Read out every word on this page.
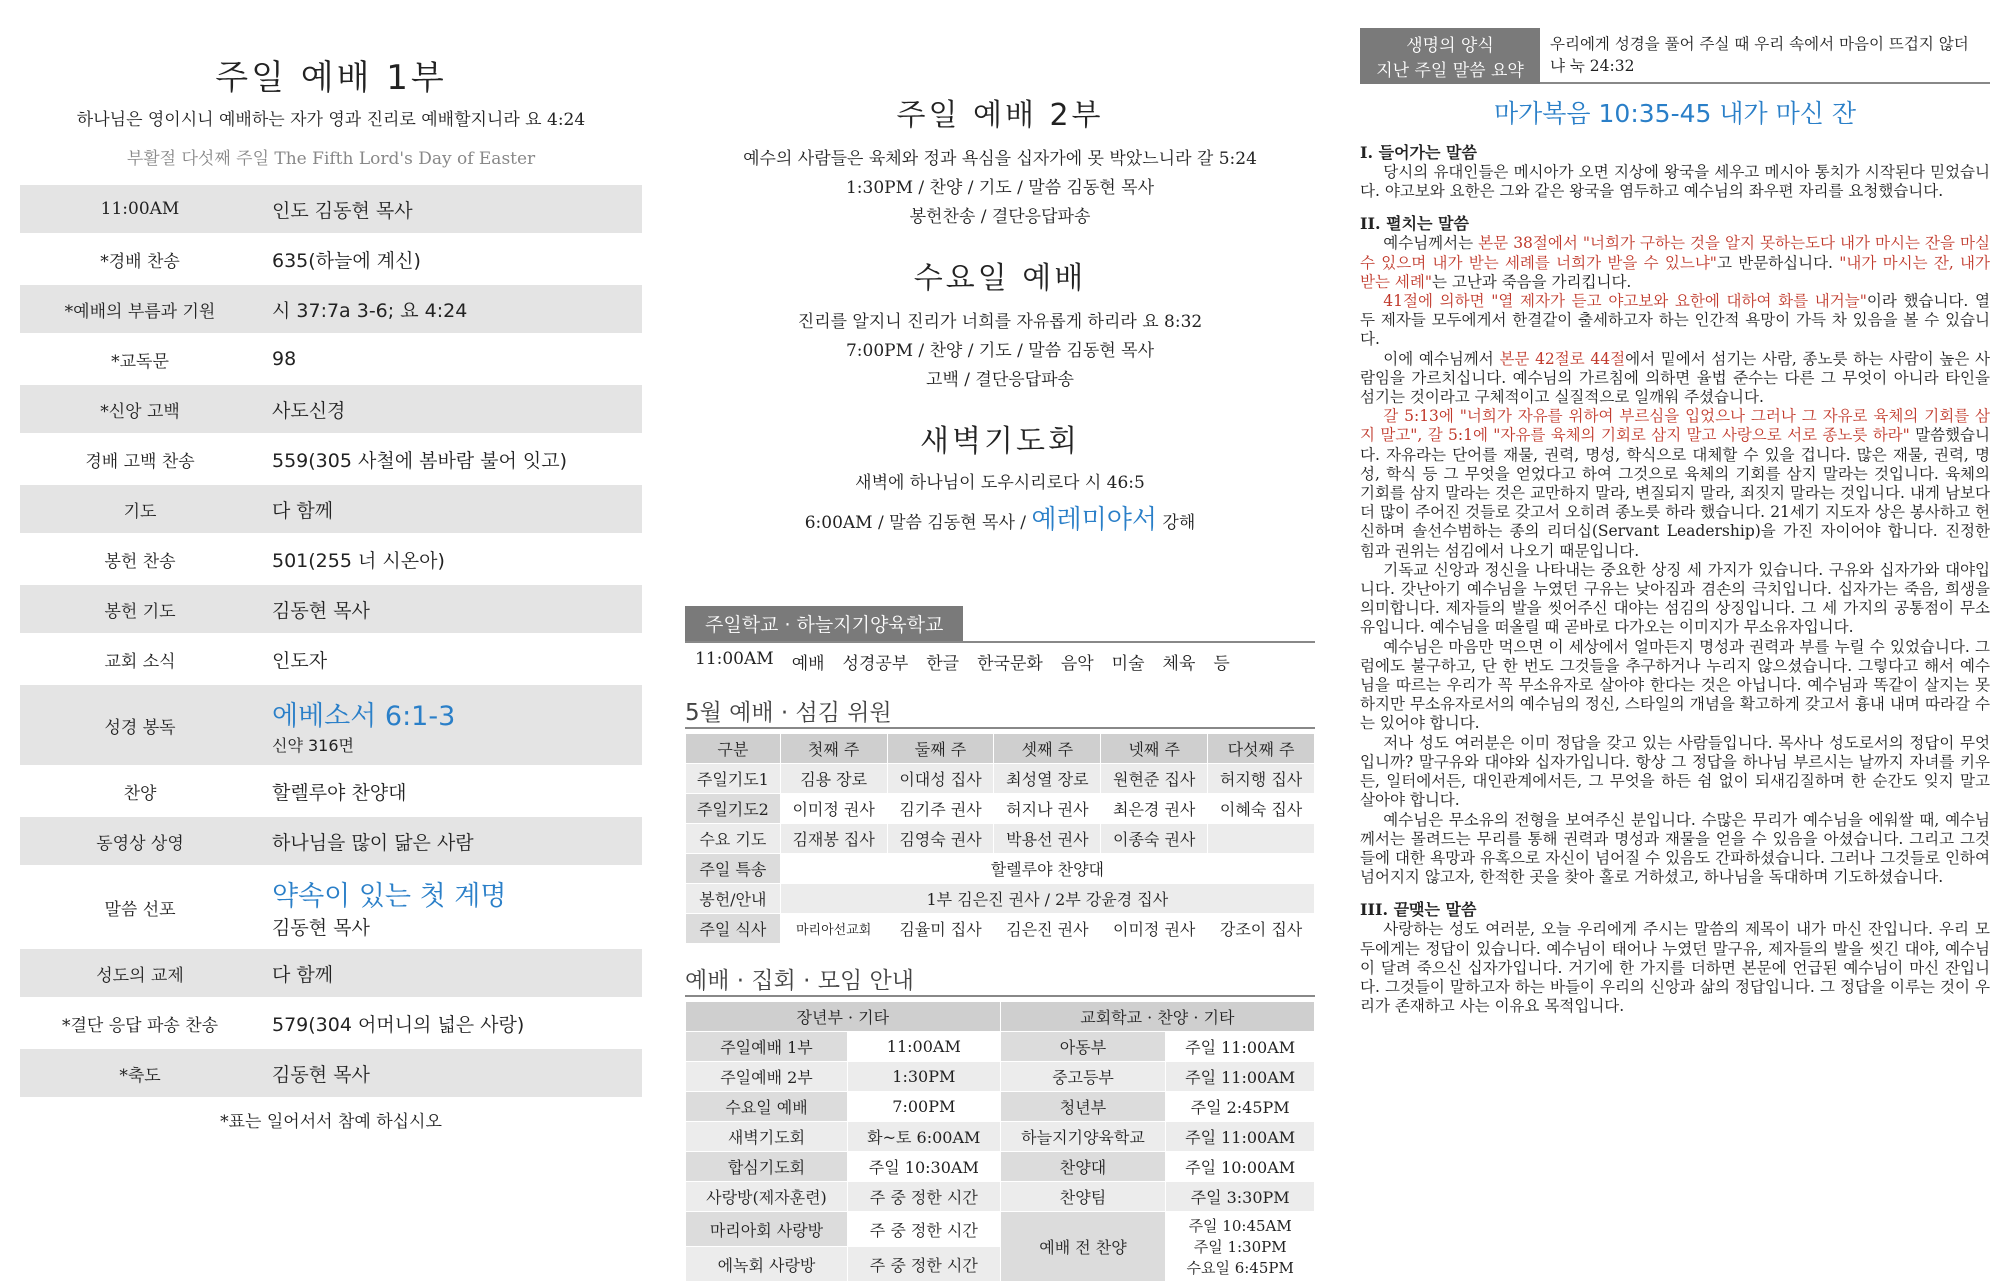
주일 예배 1부
하나님은 영이시니 예배하는 자가 영과 진리로 예배할지니라 요 4:24
부활절 다섯째 주일 The Fifth Lord's Day of Easter
11:00AM	인도 김동현 목사
*경배 찬송	635(하늘에 계신)
*예배의 부름과 기원	시 37:7a 3-6; 요 4:24
*교독문	98
*신앙 고백	사도신경
경배 고백 찬송	559(305 사철에 봄바람 불어 잇고)
기도	다 함께
봉헌 찬송	501(255 너 시온아)
봉헌 기도	김동현 목사
교회 소식	인도자
성경 봉독	에베소서 6:1-3
신약 316면
찬양	할렐루야 찬양대
동영상 상영	하나님을 많이 닮은 사람
말씀 선포	약속이 있는 첫 계명
김동현 목사
성도의 교제	다 함께
*결단 응답 파송 찬송	579(304 어머니의 넓은 사랑)
*축도	김동현 목사
*표는 일어서서 참예 하십시오
주일 예배 2부
예수의 사람들은 육체와 정과 욕심을 십자가에 못 박았느니라 갈 5:24
1:30PM / 찬양 / 기도 / 말씀 김동현 목사
봉헌찬송 / 결단응답파송
수요일 예배
진리를 알지니 진리가 너희를 자유롭게 하리라 요 8:32
7:00PM / 찬양 / 기도 / 말씀 김동현 목사
고백 / 결단응답파송
새벽기도회
새벽에 하나님이 도우시리로다 시 46:5
6:00AM / 말씀 김동현 목사 / 예레미야서 강해
주일학교 · 하늘지기양육학교
11:00AM 예배 성경공부 한글 한국문화 음악 미술 체육 등
5월 예배 · 섬김 위원
구분	첫째 주	둘째 주	셋째 주	넷째 주	다섯째 주
주일기도1	김용 장로	이대성 집사	최성열 장로	원현준 집사	허지행 집사
주일기도2	이미정 권사	김기주 권사	허지나 권사	최은경 권사	이혜숙 집사
수요 기도	김재봉 집사	김영숙 권사	박용선 권사	이종숙 권사	
주일 특송	할렐루야 찬양대				
봉헌/안내	1부 김은진 권사 / 2부 강윤경 집사				
주일 식사	마리아선교회	김율미 집사	김은진 권사	이미정 권사	강조이 집사
예배 · 집회 · 모임 안내
장년부 · 기타		교회학교 · 찬양 · 기타	
주일예배 1부	11:00AM	아동부	주일 11:00AM
주일예배 2부	1:30PM	중고등부	주일 11:00AM
수요일 예배	7:00PM	청년부	주일 2:45PM
새벽기도회	화~토 6:00AM	하늘지기양육학교	주일 11:00AM
합심기도회	주일 10:30AM	찬양대	주일 10:00AM
사랑방(제자훈련)	주 중 정한 시간	찬양팀	주일 3:30PM
마리아회 사랑방	주 중 정한 시간	예배 전 찬양	주일 10:45AM
주일 1:30PM
수요일 6:45PM
에녹회 사랑방	주 중 정한 시간		
생명의 양식
지난 주일 말씀 요약
우리에게 성경을 풀어 주실 때 우리 속에서 마음이 뜨겁지 않더냐 눅 24:32
마가복음 10:35-45 내가 마신 잔
I. 들어가는 말씀
당시의 유대인들은 메시아가 오면 지상에 왕국을 세우고 메시아 통치가 시작된다 믿었습니다. 야고보와 요한은 그와 같은 왕국을 염두하고 예수님의 좌우편 자리를 요청했습니다.
II. 펼치는 말씀
예수님께서는 본문 38절에서 "너희가 구하는 것을 알지 못하는도다 내가 마시는 잔을 마실 수 있으며 내가 받는 세례를 너희가 받을 수 있느냐"고 반문하십니다. "내가 마시는 잔, 내가 받는 세례"는 고난과 죽음을 가리킵니다.
41절에 의하면 "열 제자가 듣고 야고보와 요한에 대하여 화를 내거늘"이라 했습니다. 열 두 제자들 모두에게서 한결같이 출세하고자 하는 인간적 욕망이 가득 차 있음을 볼 수 있습니다.
이에 예수님께서 본문 42절로 44절에서 밑에서 섬기는 사람, 종노릇 하는 사람이 높은 사람임을 가르치십니다. 예수님의 가르침에 의하면 율법 준수는 다른 그 무엇이 아니라 타인을 섬기는 것이라고 구체적이고 실질적으로 일깨워 주셨습니다.
갈 5:13에 "너희가 자유를 위하여 부르심을 입었으나 그러나 그 자유로 육체의 기회를 삼지 말고", 갈 5:1에 "자유를 육체의 기회로 삼지 말고 사랑으로 서로 종노릇 하라" 말씀했습니다. 자유라는 단어를 재물, 권력, 명성, 학식으로 대체할 수 있을 겁니다. 많은 재물, 권력, 명성, 학식 등 그 무엇을 얻었다고 하여 그것으로 육체의 기회를 삼지 말라는 것입니다. 육체의 기회를 삼지 말라는 것은 교만하지 말라, 변질되지 말라, 죄짓지 말라는 것입니다. 내게 남보다 더 많이 주어진 것들로 갖고서 오히려 종노릇 하라 했습니다. 21세기 지도자 상은 봉사하고 헌신하며 솔선수범하는 종의 리더십(Servant Leadership)을 가진 자이어야 합니다. 진정한 힘과 권위는 섬김에서 나오기 때문입니다.
기독교 신앙과 정신을 나타내는 중요한 상징 세 가지가 있습니다. 구유와 십자가와 대야입니다. 갓난아기 예수님을 누였던 구유는 낮아짐과 겸손의 극치입니다. 십자가는 죽음, 희생을 의미합니다. 제자들의 발을 씻어주신 대야는 섬김의 상징입니다. 그 세 가지의 공통점이 무소유입니다. 예수님을 떠올릴 때 곧바로 다가오는 이미지가 무소유자입니다.
예수님은 마음만 먹으면 이 세상에서 얼마든지 명성과 권력과 부를 누릴 수 있었습니다. 그럼에도 불구하고, 단 한 번도 그것들을 추구하거나 누리지 않으셨습니다. 그렇다고 해서 예수님을 따르는 우리가 꼭 무소유자로 살아야 한다는 것은 아닙니다. 예수님과 똑같이 살지는 못하지만 무소유자로서의 예수님의 정신, 스타일의 개념을 확고하게 갖고서 흉내 내며 따라갈 수는 있어야 합니다.
저나 성도 여러분은 이미 정답을 갖고 있는 사람들입니다. 목사나 성도로서의 정답이 무엇입니까? 말구유와 대야와 십자가입니다. 항상 그 정답을 하나님 부르시는 날까지 자녀를 키우든, 일터에서든, 대인관계에서든, 그 무엇을 하든 쉼 없이 되새김질하며 한 순간도 잊지 말고 살아야 합니다.
예수님은 무소유의 전형을 보여주신 분입니다. 수많은 무리가 예수님을 에워쌀 때, 예수님께서는 몰려드는 무리를 통해 권력과 명성과 재물을 얻을 수 있음을 아셨습니다. 그리고 그것들에 대한 욕망과 유혹으로 자신이 넘어질 수 있음도 간파하셨습니다. 그러나 그것들로 인하여 넘어지지 않고자, 한적한 곳을 찾아 홀로 거하셨고, 하나님을 독대하며 기도하셨습니다.
III. 끝맺는 말씀
사랑하는 성도 여러분, 오늘 우리에게 주시는 말씀의 제목이 내가 마신 잔입니다. 우리 모두에게는 정답이 있습니다. 예수님이 태어나 누였던 말구유, 제자들의 발을 씻긴 대야, 예수님이 달려 죽으신 십자가입니다. 거기에 한 가지를 더하면 본문에 언급된 예수님이 마신 잔입니다. 그것들이 말하고자 하는 바들이 우리의 신앙과 삶의 정답입니다. 그 정답을 이루는 것이 우리가 존재하고 사는 이유요 목적입니다.
